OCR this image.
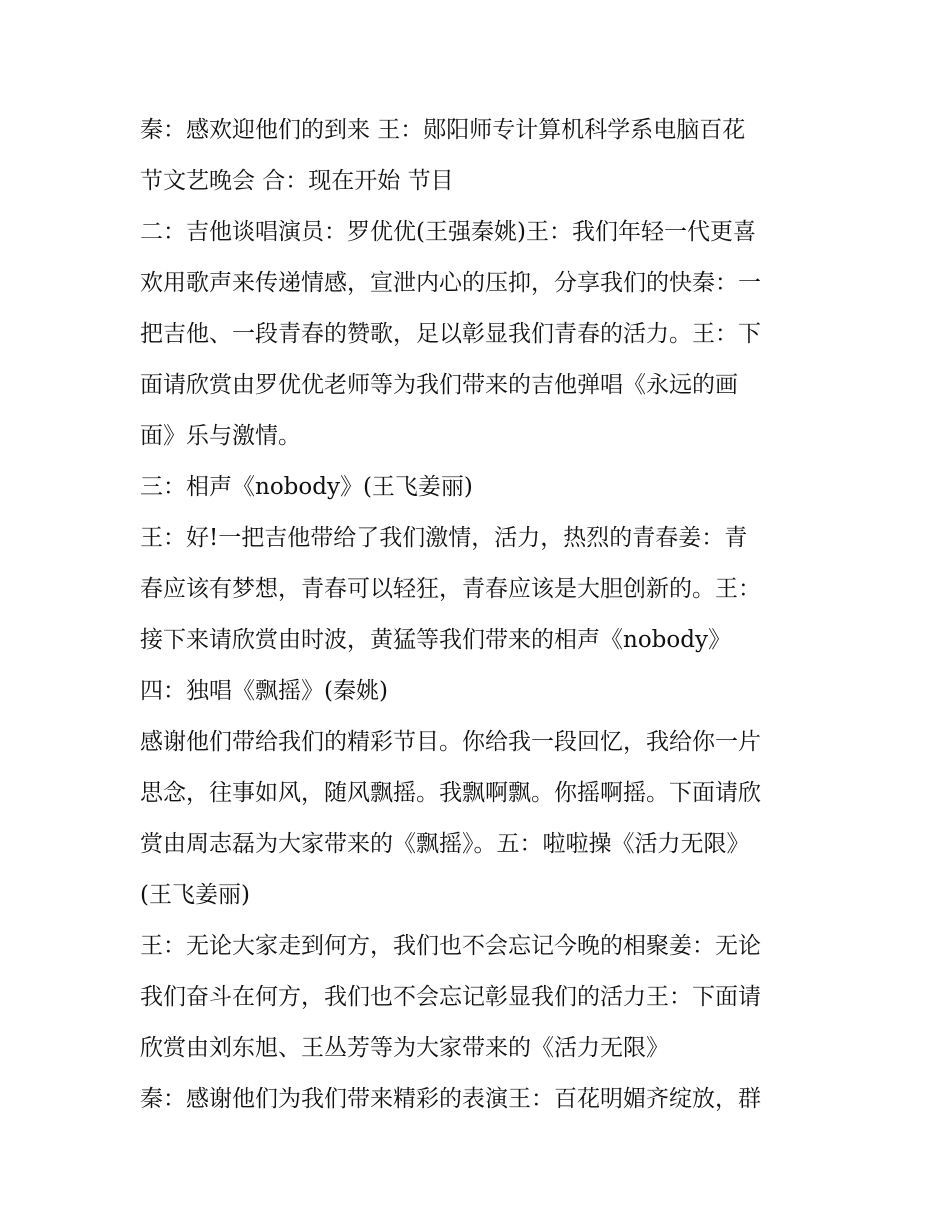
秦：感欢迎他们的到来 王：郧阳师专计算机科学系电脑百花
节文艺晚会 合：现在开始 节目
二：吉他谈唱演员：罗优优(王强秦姚)王：我们年轻一代更喜
欢用歌声来传递情感，宣泄内心的压抑，分享我们的快秦：一
把吉他、一段青春的赞歌，足以彰显我们青春的活力。王：下
面请欣赏由罗优优老师等为我们带来的吉他弹唱《永远的画
面》乐与激情。
三：相声《nobody》(王飞姜丽)
王：好!一把吉他带给了我们激情，活力，热烈的青春姜：青
春应该有梦想，青春可以轻狂，青春应该是大胆创新的。王：
接下来请欣赏由时波，黄猛等我们带来的相声《nobody》
四：独唱《飘摇》(秦姚)
感谢他们带给我们的精彩节目。你给我一段回忆，我给你一片
思念，往事如风，随风飘摇。我飘啊飘。你摇啊摇。下面请欣
赏由周志磊为大家带来的《飘摇》。五：啦啦操《活力无限》
(王飞姜丽)
王：无论大家走到何方，我们也不会忘记今晚的相聚姜：无论
我们奋斗在何方，我们也不会忘记彰显我们的活力王：下面请
欣赏由刘东旭、王丛芳等为大家带来的《活力无限》
秦：感谢他们为我们带来精彩的表演王：百花明媚齐绽放，群
